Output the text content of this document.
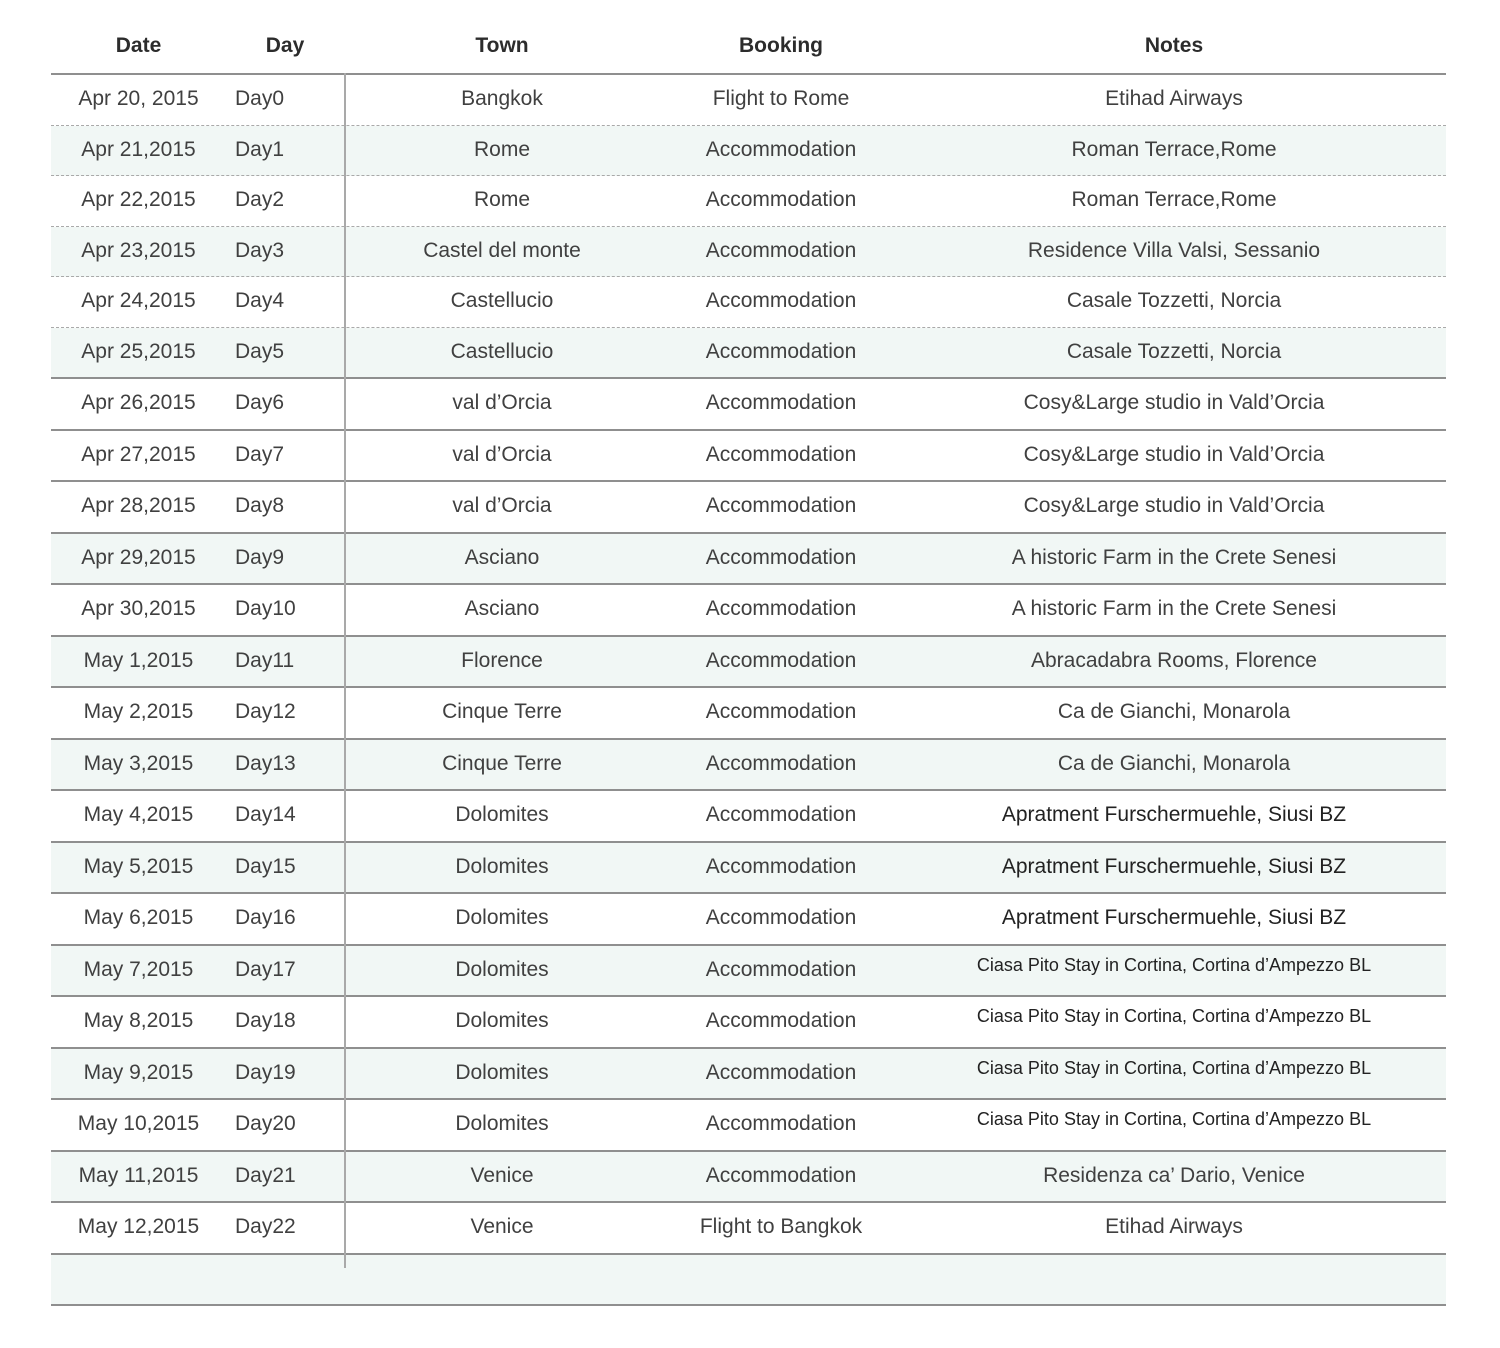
Date	Day	Town	Booking	Notes
Apr 20, 2015	Day0	Bangkok	Flight to Rome	Etihad Airways
Apr 21,2015	Day1	Rome	Accommodation	Roman Terrace,Rome
Apr 22,2015	Day2	Rome	Accommodation	Roman Terrace,Rome
Apr 23,2015	Day3	Castel del monte	Accommodation	Residence Villa Valsi, Sessanio
Apr 24,2015	Day4	Castellucio	Accommodation	Casale Tozzetti, Norcia
Apr 25,2015	Day5	Castellucio	Accommodation	Casale Tozzetti, Norcia
Apr 26,2015	Day6	val d’Orcia	Accommodation	Cosy&Large studio in Vald’Orcia
Apr 27,2015	Day7	val d’Orcia	Accommodation	Cosy&Large studio in Vald’Orcia
Apr 28,2015	Day8	val d’Orcia	Accommodation	Cosy&Large studio in Vald’Orcia
Apr 29,2015	Day9	Asciano	Accommodation	A historic Farm in the Crete Senesi
Apr 30,2015	Day10	Asciano	Accommodation	A historic Farm in the Crete Senesi
May 1,2015	Day11	Florence	Accommodation	Abracadabra Rooms, Florence
May 2,2015	Day12	Cinque Terre	Accommodation	Ca de Gianchi, Monarola
May 3,2015	Day13	Cinque Terre	Accommodation	Ca de Gianchi, Monarola
May 4,2015	Day14	Dolomites	Accommodation	Apratment Furschermuehle, Siusi BZ
May 5,2015	Day15	Dolomites	Accommodation	Apratment Furschermuehle, Siusi BZ
May 6,2015	Day16	Dolomites	Accommodation	Apratment Furschermuehle, Siusi BZ
May 7,2015	Day17	Dolomites	Accommodation	Ciasa Pito Stay in Cortina, Cortina d’Ampezzo BL
May 8,2015	Day18	Dolomites	Accommodation	Ciasa Pito Stay in Cortina, Cortina d’Ampezzo BL
May 9,2015	Day19	Dolomites	Accommodation	Ciasa Pito Stay in Cortina, Cortina d’Ampezzo BL
May 10,2015	Day20	Dolomites	Accommodation	Ciasa Pito Stay in Cortina, Cortina d’Ampezzo BL
May 11,2015	Day21	Venice	Accommodation	Residenza ca’ Dario, Venice
May 12,2015	Day22	Venice	Flight to Bangkok	Etihad Airways
